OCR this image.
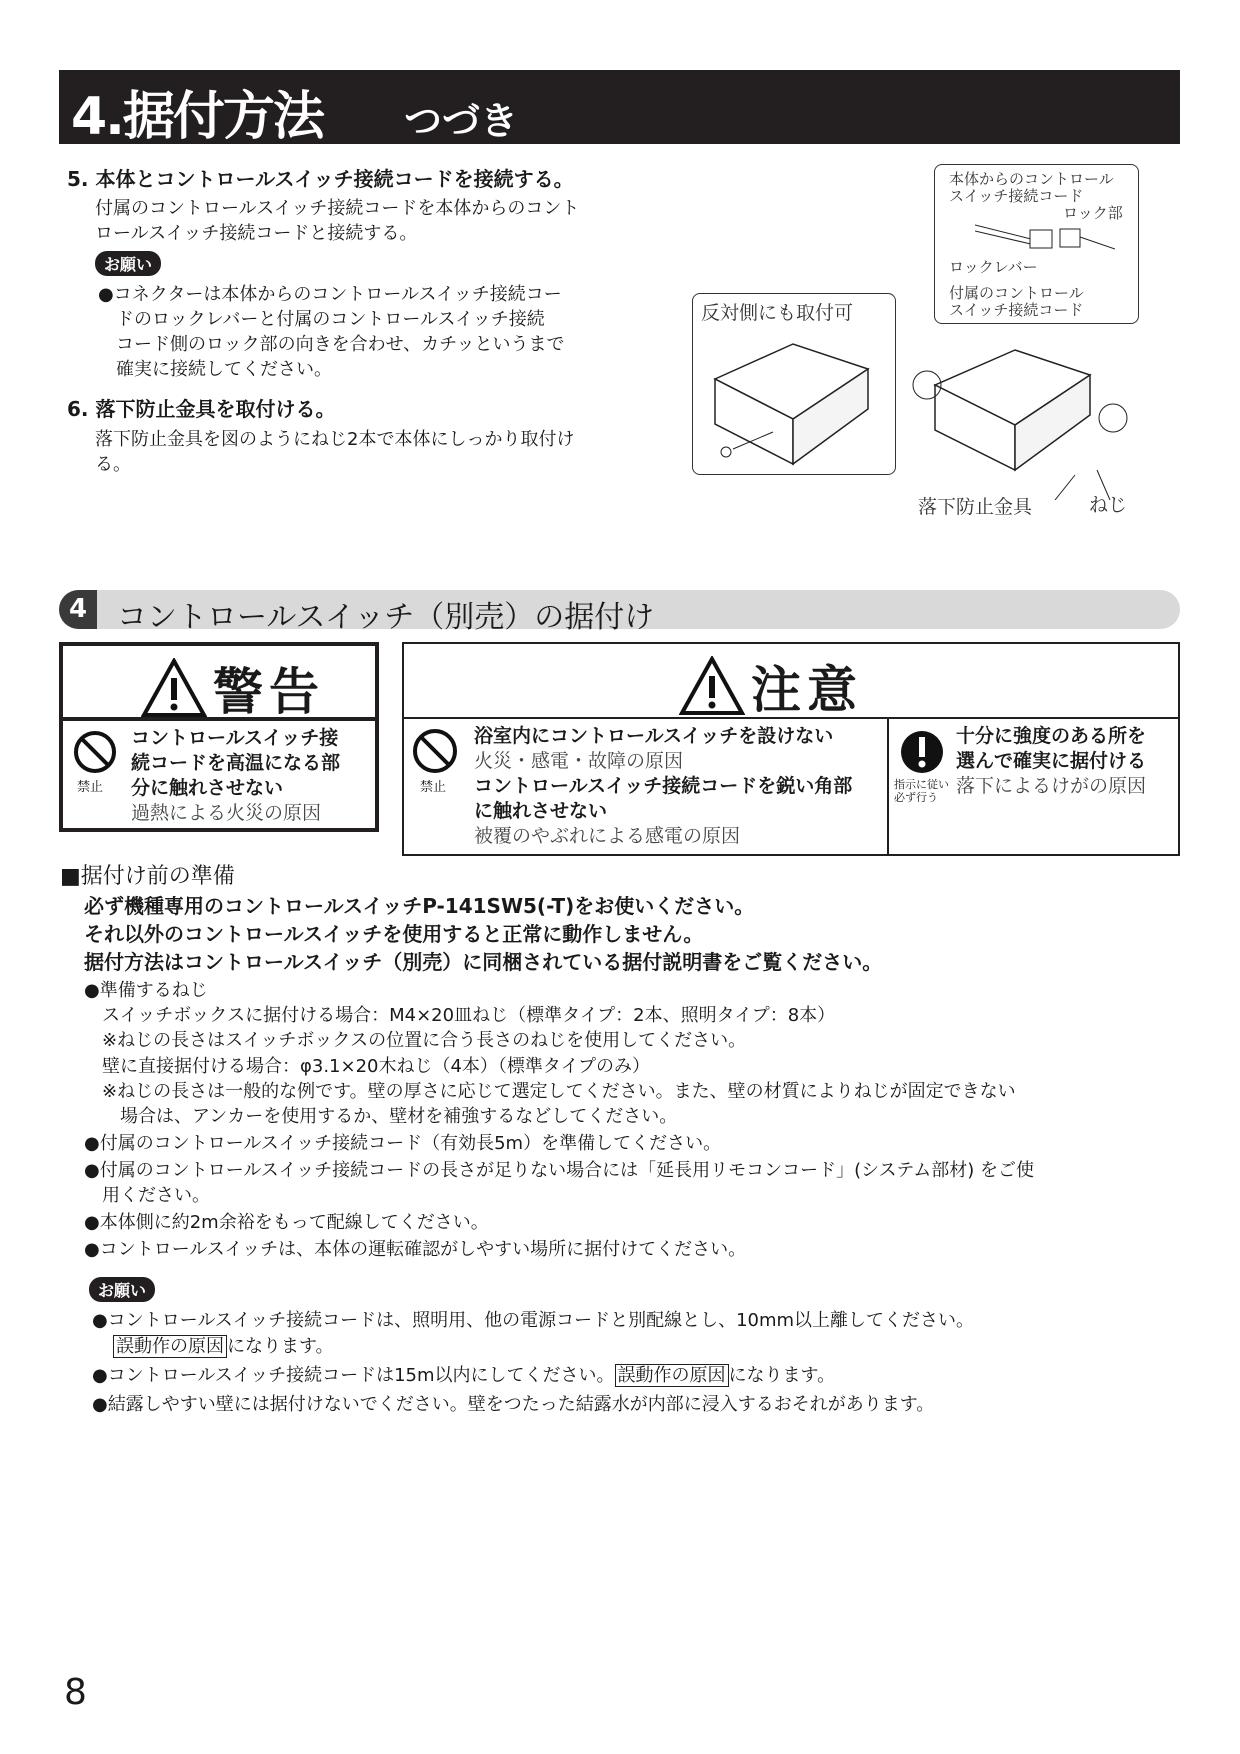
4.据付方法 つづき
5. 本体とコントロールスイッチ接続コードを接続する。
付属のコントロールスイッチ接続コードを本体からのコント
ロールスイッチ接続コードと接続する。
お願い
●コネクターは本体からのコントロールスイッチ接続コー
ドのロックレバーと付属のコントロールスイッチ接続
コード側のロック部の向きを合わせ、カチッというまで
確実に接続してください。
6. 落下防止金具を取付ける。
落下防止金具を図のようにねじ2本で本体にしっかり取付け
る。
反対側にも取付可
本体からのコントロール
スイッチ接続コード
ロック部
ロックレバー
付属のコントロール
スイッチ接続コード
落下防止金具	ねじ
4 コントロールスイッチ（別売）の据付け
警告
禁止
コントロールスイッチ接
続コードを高温になる部
分に触れさせない
過熱による火災の原因
注意
禁止
浴室内にコントロールスイッチを設けない
火災・感電・故障の原因
コントロールスイッチ接続コードを鋭い角部
に触れさせない
被覆のやぶれによる感電の原因
指示に従い
必ず行う
十分に強度のある所を
選んで確実に据付ける
落下によるけがの原因
■据付け前の準備
必ず機種専用のコントロールスイッチP-141SW5(-T)をお使いください。
それ以外のコントロールスイッチを使用すると正常に動作しません。
据付方法はコントロールスイッチ（別売）に同梱されている据付説明書をご覧ください。
●準備するねじ
　スイッチボックスに据付ける場合：M4×20皿ねじ（標準タイプ：2本、照明タイプ：8本）
　※ねじの長さはスイッチボックスの位置に合う長さのねじを使用してください。
　壁に直接据付ける場合：φ3.1×20木ねじ（4本）（標準タイプのみ）
　※ねじの長さは一般的な例です。壁の厚さに応じて選定してください。また、壁の材質によりねじが固定できない
　　場合は、アンカーを使用するか、壁材を補強するなどしてください。
●付属のコントロールスイッチ接続コード（有効長5m）を準備してください。
●付属のコントロールスイッチ接続コードの長さが足りない場合には「延長用リモコンコード」(システム部材) をご使
　用ください。
●本体側に約2m余裕をもって配線してください。
●コントロールスイッチは、本体の運転確認がしやすい場所に据付けてください。
お願い
●コントロールスイッチ接続コードは、照明用、他の電源コードと別配線とし、10mm以上離してください。
誤動作の原因 になります。
●コントロールスイッチ接続コードは15m以内にしてください。 誤動作の原因 になります。
●結露しやすい壁には据付けないでください。壁をつたった結露水が内部に浸入するおそれがあります。
8
